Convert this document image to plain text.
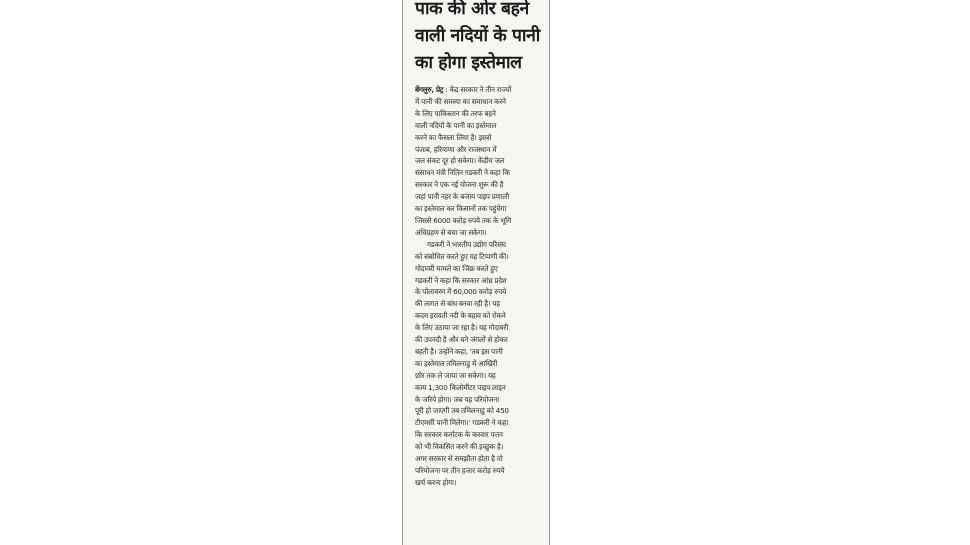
पाक की ओर बहने
वाली नदियों के पानी
का होगा इस्तेमाल
बेंगलुरु, प्रेट्र : केंद्र सरकार ने तीन राज्यों
में पानी की समस्या का समाधान करने
के लिए पाकिस्तान की तरफ बहने
वाली नदियों के पानी का इस्तेमाल
करने का फैसला लिया है। इससे
पंजाब, हरियाणा और राजस्थान में
जल संकट दूर हो सकेगा। केंद्रीय जल
संसाधन मंत्री नितिन गडकरी ने कहा कि
सरकार ने एक नई योजना शुरू की है
जहां पानी नहर के बजाय पाइप प्रणाली
का इस्तेमाल कर किसानों तक पहुंचेगा
जिससे 6000 करोड़ रुपये तक के भूमि
अधिग्रहण से बचा जा सकेगा।
गडकरी ने भारतीय उद्योग परिसंघ
को संबोधित करते हुए यह टिप्पणी की।
गोदावरी मामले का जिक्र करते हुए
गडकरी ने कहा कि सरकार आंध्र प्रदेश
के पोलावरम में 60,000 करोड़ रुपये
की लागत से बांध बनवा रही है। यह
कदम इरावती नदी के बहाव को रोकने
के लिए उठाया जा रहा है। यह गोदावरी
की उपनदी है और घने जंगलों से होकर
बहती है। उन्होंने कहा, 'तब इस पानी
का इस्तेमाल तमिलनाडु में आखिरी
छोर तक ले जाया जा सकेगा। यह
काम 1,300 किलोमीटर पाइप लाइन
के जरिये होगा। जब यह परियोजना
पूरी हो जाएगी तब तमिलनाडु को 450
टीएमसी पानी मिलेगा।' गडकरी ने कहा
कि सरकार कर्नाटक के करवार पत्तन
को भी विकसित करने की इच्छुक है।
अगर सरकार से समझौता होता है तो
परियोजना पर तीन हजार करोड़ रुपये
खर्च करना होगा।
